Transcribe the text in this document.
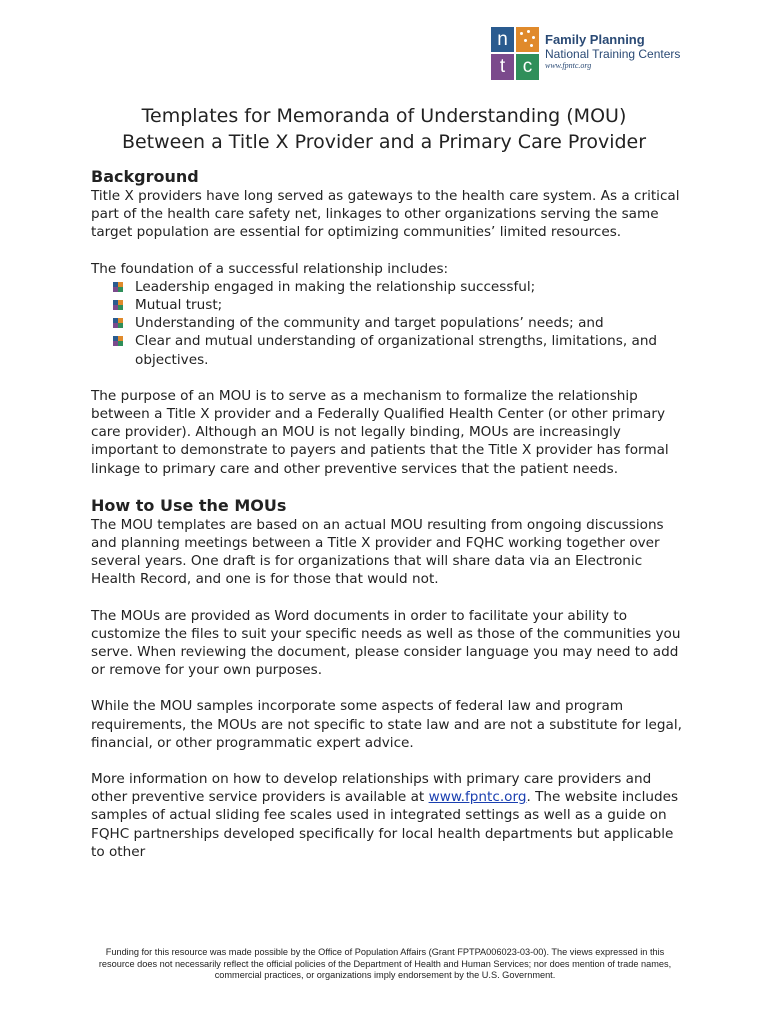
n
t c
Family Planning
National Training Centers
www.fpntc.org
Templates for Memoranda of Understanding (MOU)
Between a Title X Provider and a Primary Care Provider
Background

Title X providers have long served as gateways to the health care system. As a critical part of the health care safety net, linkages to other organizations serving the same target population are essential for optimizing communities’ limited resources.

The foundation of a successful relationship includes:

Leadership engaged in making the relationship successful;
Mutual trust;
Understanding of the community and target populations’ needs; and
Clear and mutual understanding of organizational strengths, limitations, and objectives.

The purpose of an MOU is to serve as a mechanism to formalize the relationship between a Title X provider and a Federally Qualified Health Center (or other primary care provider). Although an MOU is not legally binding, MOUs are increasingly important to demonstrate to payers and patients that the Title X provider has formal linkage to primary care and other preventive services that the patient needs.

How to Use the MOUs

The MOU templates are based on an actual MOU resulting from ongoing discussions and planning meetings between a Title X provider and FQHC working together over several years. One draft is for organizations that will share data via an Electronic Health Record, and one is for those that would not.

The MOUs are provided as Word documents in order to facilitate your ability to customize the files to suit your specific needs as well as those of the communities you serve. When reviewing the document, please consider language you may need to add or remove for your own purposes.

While the MOU samples incorporate some aspects of federal law and program requirements, the MOUs are not specific to state law and are not a substitute for legal, financial, or other programmatic expert advice.

More information on how to develop relationships with primary care providers and other preventive service providers is available at www.fpntc.org. The website includes samples of actual sliding fee scales used in integrated settings as well as a guide on FQHC partnerships developed specifically for local health departments but applicable to other

Funding for this resource was made possible by the Office of Population Affairs (Grant FPTPA006023-03-00). The views expressed in this resource does not necessarily reflect the official policies of the Department of Health and Human Services; nor does mention of trade names, commercial practices, or organizations imply endorsement by the U.S. Government.
